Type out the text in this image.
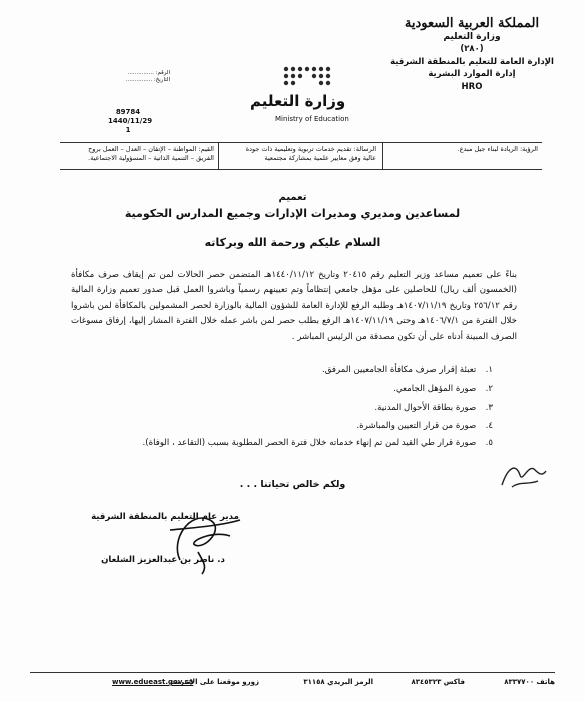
المملكة العربية السعودية
وزارة التعليم
(٢٨٠)
الإدارة العامة للتعليم بالمنطقة الشرقية
إدارة الموارد البشرية
HRO
وزارة التعليم
Ministry of Education
الرقم: ...............
التاريخ: ...............
89784
1440/11/29
1
الرؤية: الريادة لبناء جيل مبدع.
الرسالة: تقديم خدمات تربوية وتعليمية ذات جودة
عالية وفق معايير علمية بمشاركة مجتمعية
القيم: المواطنة – الإتقان – العدل – العمل بروح
الفريق – التنمية الذاتية – المسؤولية الاجتماعية.
تعميم
لمساعدين ومديري ومديرات الإدارات وجميع المدارس الحكومية
السلام عليكم ورحمة الله وبركاته
بناءً على تعميم مساعد وزير التعليم رقم ٢٠٤١٥ وتاريخ ١٤٤٠/١١/١٢هـ المتضمن حصر الحالات لمن تم إيقاف صرف مكافأة (الخمسون ألف ريال) للحاصلين على مؤهل جامعي إنتظاماً وتم تعيينهم رسمياً وباشروا العمل قبل صدور تعميم وزارة المالية رقم ٢٥٦/١٢ وتاريخ ١٤٠٧/١١/١٩هـ وطلبه الرفع للإدارة العامة للشؤون المالية بالوزارة لحصر المشمولين بالمكافأة لمن باشروا خلال الفترة من ١٤٠٦/٧/١هـ وحتى ١٤٠٧/١١/١٩هـ الرفع بطلب حصر لمن باشر عمله خلال الفترة المشار إليها، إرفاق مسوغات الصرف المبينة أدناه على أن تكون مصدقة من الرئيس المباشر .
١. تعبئة إقرار صرف مكافأة الجامعيين المرفق.
٢. صورة المؤهل الجامعي.
٣. صورة بطاقة الأحوال المدنية.
٤. صورة من قرار التعيين والمباشرة.
٥. صورة قرار طي القيد لمن تم إنهاء خدماته خلال فترة الحصر المطلوبة بسبب (التقاعد ، الوفاة).
ولكم خالص تحياتنا . . .
مدير عام التعليم بالمنطقة الشرقية
د. ناصر بن عبدالعزيز الشلعان
هاتف ٨٣٣٧٧٠٠
فاكس ٨٣٤٥٣٢٣
الرمز البريدي ٣١١٥٨
زورو موقعنا على الإنترنت
www.edueast.gov.sa
